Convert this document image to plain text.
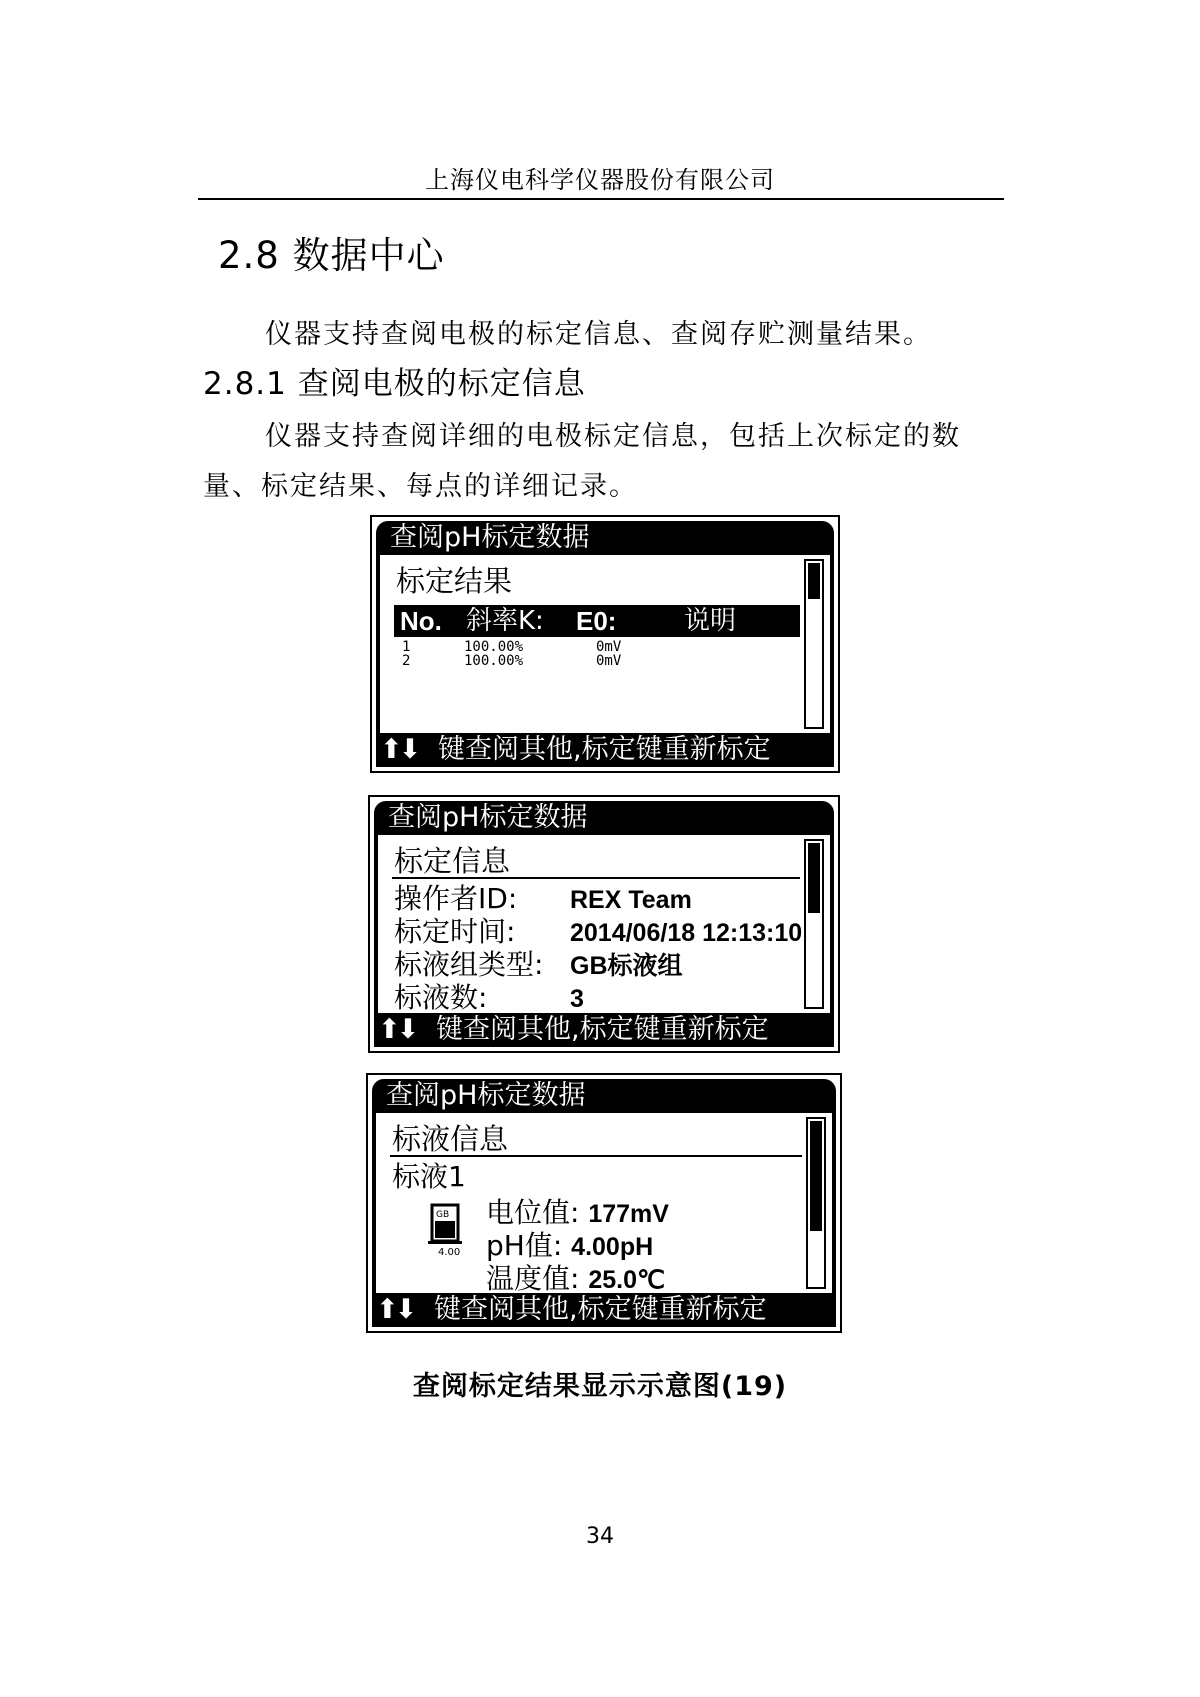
上海仪电科学仪器股份有限公司
2.8 数据中心
仪器支持查阅电极的标定信息、查阅存贮测量结果。
2.8.1 查阅电极的标定信息
仪器支持查阅详细的电极标定信息，包括上次标定的数
量、标定结果、每点的详细记录。
查阅pH标定数据
标定结果
No. 斜率K: E0:	说明
1	100.00%	0mV
2	100.00%	0mV
⬆⬇ 键查阅其他,标定键重新标定
查阅pH标定数据
标定信息
操作者ID: REX Team
标定时间: 2014/06/18 12:13:10
标液组类型: GB标液组
标液数:	3
⬆⬇ 键查阅其他,标定键重新标定
查阅pH标定数据
标液信息
标液1
GB
4.00
电位值: 177mV
pH值: 4.00pH
温度值: 25.0℃
⬆⬇ 键查阅其他,标定键重新标定
查阅标定结果显示示意图(19)
34
